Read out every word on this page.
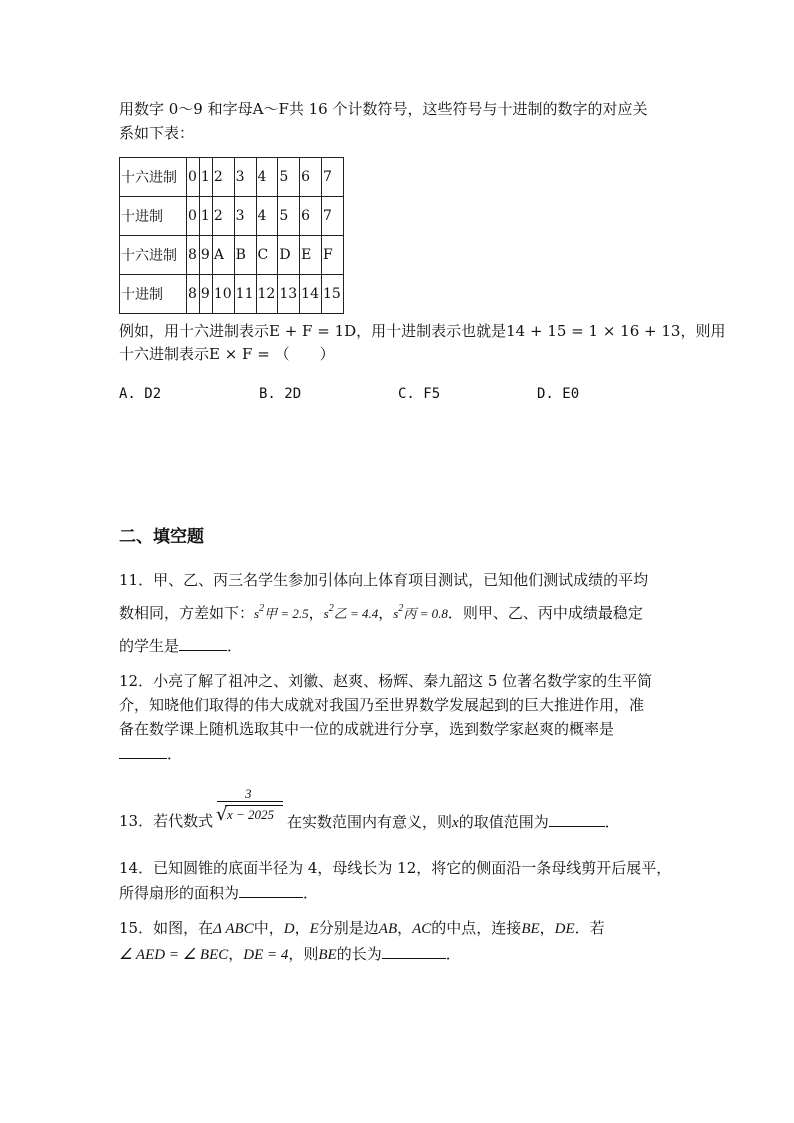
用数字 0～9 和字母A～F共 16 个计数符号，这些符号与十进制的数字的对应关
系如下表：
十六进制	0	1	2	3	4	5	6	7
十进制	0	1	2	3	4	5	6	7
十六进制	8	9	A	B	C	D	E	F
十进制	8	9	10	11	12	13	14	15
例如，用十六进制表示E + F = 1D，用十进制表示也就是14 + 15 = 1 × 16 + 13，则用
十六进制表示E × F = （　　）
A. D2	B. 2D	C. F5	D. E0
二、填空题
11．甲、乙、丙三名学生参加引体向上体育项目测试，已知他们测试成绩的平均
数相同，方差如下：$s^2$甲 = 2.5，$s^2$乙 = 4.4，$s^2$丙 = 0.8．则甲、乙、丙中成绩最稳定
的学生是	．
12．小亮了解了祖冲之、刘徽、赵爽、杨辉、秦九韶这 5 位著名数学家的生平简
介，知晓他们取得的伟大成就对我国乃至世界数学发展起到的巨大推进作用，准
备在数学课上随机选取其中一位的成就进行分享，选到数学家赵爽的概率是
．
13．若代数式
3
√ x − 2025 在实数范围内有意义，则x的取值范围为	．
14．已知圆锥的底面半径为 4，母线长为 12，将它的侧面沿一条母线剪开后展平，
所得扇形的面积为	．
15．如图，在Δ ABC中，D，E分别是边AB，AC的中点，连接BE，DE．若
∠ AED = ∠ BEC，DE = 4，则BE的长为	．
